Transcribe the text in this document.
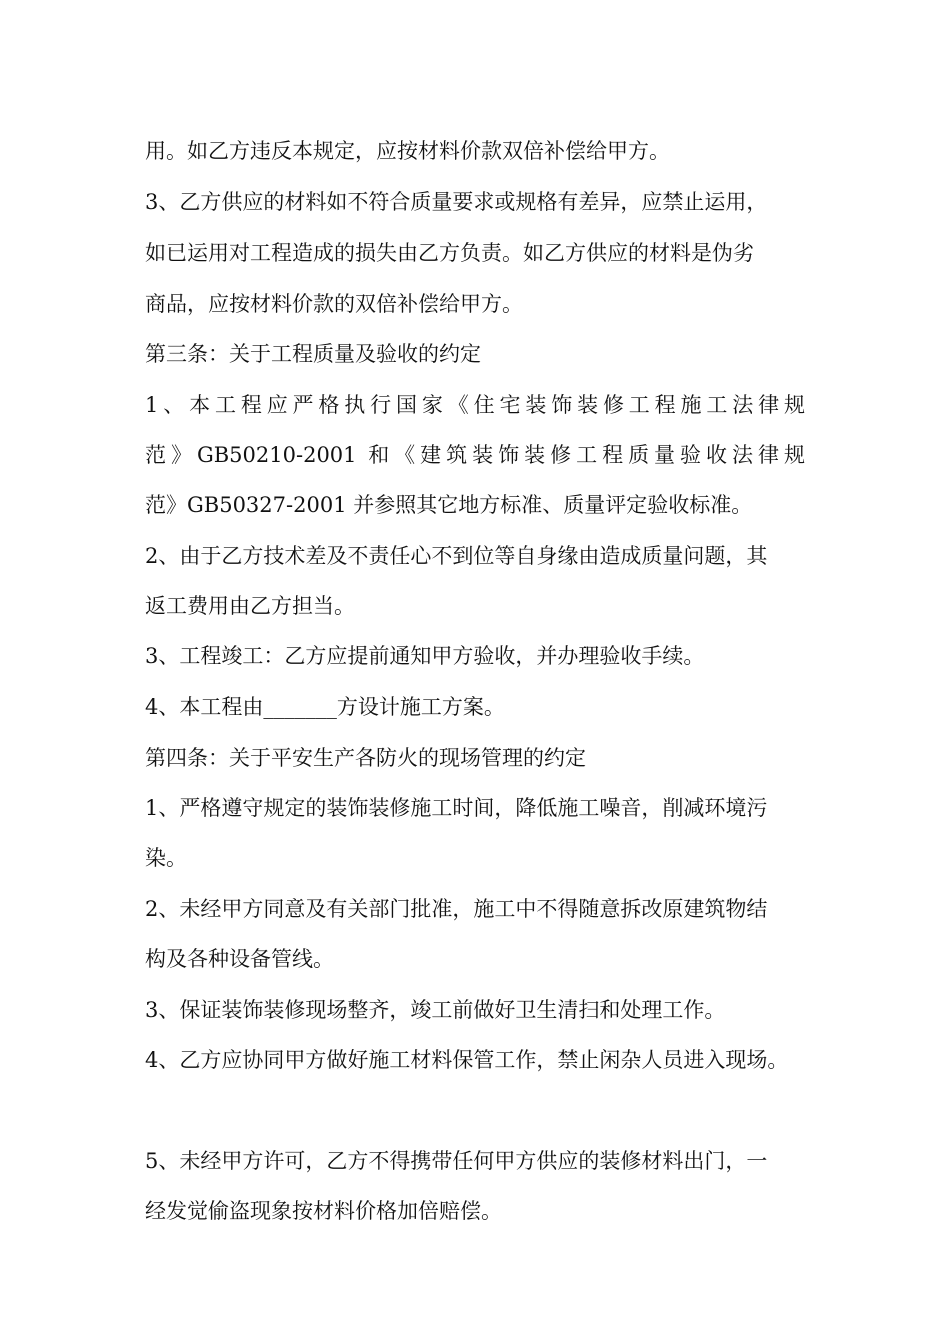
用。如乙方违反本规定，应按材料价款双倍补偿给甲方。
3、乙方供应的材料如不符合质量要求或规格有差异，应禁止运用，
如已运用对工程造成的损失由乙方负责。如乙方供应的材料是伪劣
商品，应按材料价款的双倍补偿给甲方。
第三条：关于工程质量及验收的约定
1、本工程应严格执行国家《住宅装饰装修工程施工法律规
范》GB50210-2001 和《建筑装饰装修工程质量验收法律规
范》GB50327-2001 并参照其它地方标准、质量评定验收标准。
2、由于乙方技术差及不责任心不到位等自身缘由造成质量问题，其
返工费用由乙方担当。
3、工程竣工：乙方应提前通知甲方验收，并办理验收手续。
4、本工程由_______方设计施工方案。
第四条：关于平安生产各防火的现场管理的约定
1、严格遵守规定的装饰装修施工时间，降低施工噪音，削减环境污
染。
2、未经甲方同意及有关部门批准，施工中不得随意拆改原建筑物结
构及各种设备管线。
3、保证装饰装修现场整齐，竣工前做好卫生清扫和处理工作。
4、乙方应协同甲方做好施工材料保管工作，禁止闲杂人员进入现场。
5、未经甲方许可，乙方不得携带任何甲方供应的装修材料出门，一
经发觉偷盗现象按材料价格加倍赔偿。
